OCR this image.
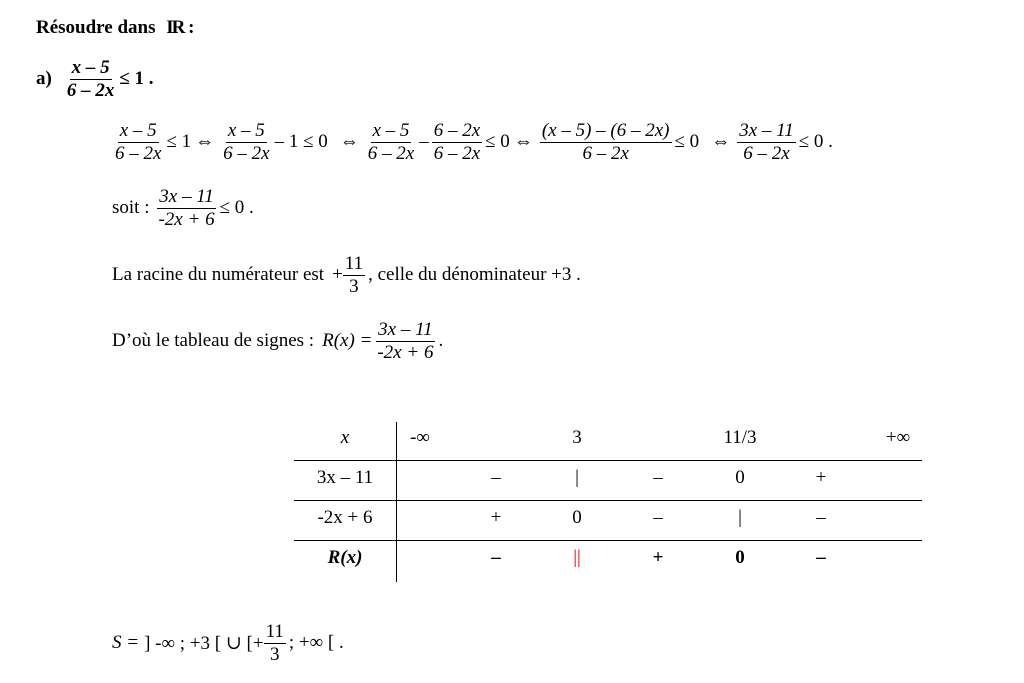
Résoudre dans IR :
$a) \frac{x - 5}{6 - 2x} \le 1$ .
$\frac{x - 5}{6 - 2x} \le 1$ ⇔ $\frac{x - 5}{6 - 2x} - 1 \le 0$ ⇔ $\frac{x - 5}{6 - 2x} - \frac{6 - 2x}{6 - 2x} \le 0$ ⇔ $\frac{(x - 5) - (6 - 2x)}{6 - 2x} \le 0$ ⇔ $\frac{3x - 11}{6 - 2x} \le 0$ .
soit : $\frac{3x - 11}{-2x + 6} \le 0$ .
La racine du numérateur est + $\frac{11}{3}$ , celle du dénominateur +3 .
D’où le tableau de signes : $R(x) = \frac{3x - 11}{-2x + 6}$ .
x	-∞	3	11/3	+∞
3x – 11	–	|	–	0	+
-2x + 6	+	0	–	|	–
R(x)	–	||	+	0	–
S = ] -∞ ; +3 [ ∪ [+ $\frac{11}{3}$ ; +∞ [ .
